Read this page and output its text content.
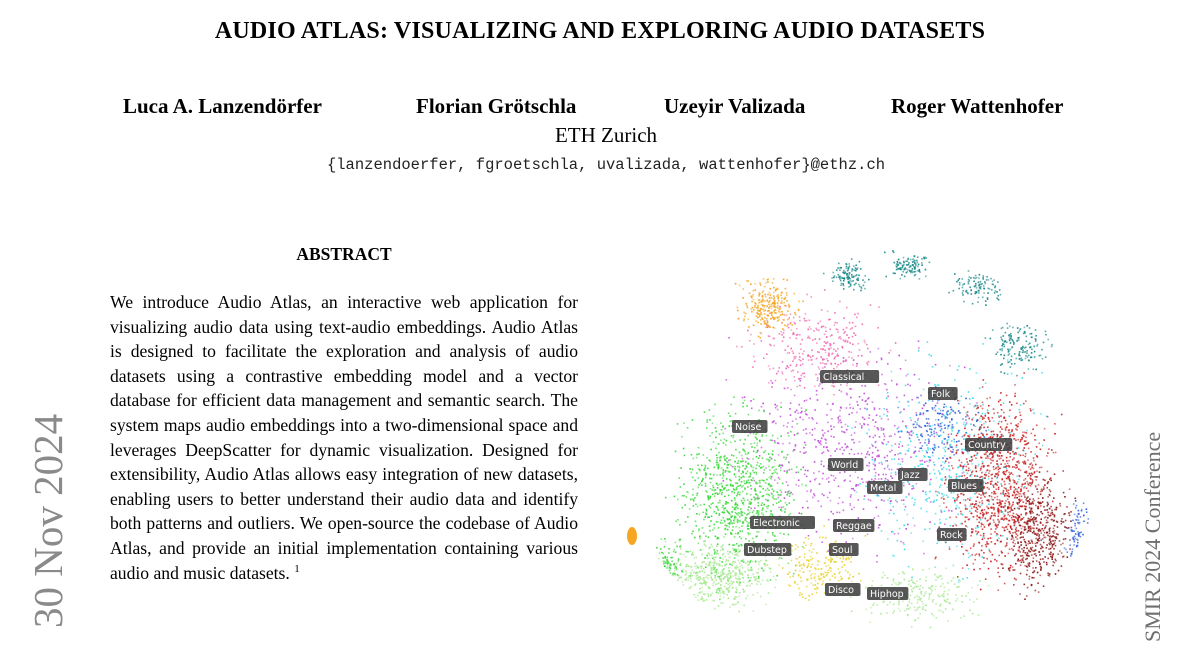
AUDIO ATLAS: VISUALIZING AND EXPLORING AUDIO DATASETS
Luca A. Lanzendörfer	Florian Grötschla	Uzeyir Valizada	Roger Wattenhofer
ETH Zurich
{lanzendoerfer, fgroetschla, uvalizada, wattenhofer}@ethz.ch
ABSTRACT
We introduce Audio Atlas, an interactive web application for visualizing audio data using text-audio embeddings. Audio Atlas is designed to facilitate the exploration and analysis of audio datasets using a contrastive embedding model and a vector database for efficient data management and semantic search. The system maps audio embeddings into a two-dimensional space and leverages DeepScatter for dynamic visualization. Designed for extensibility, Audio Atlas allows easy integration of new datasets, enabling users to better understand their audio data and identify both patterns and outliers. We open-source the codebase of Audio Atlas, and provide an initial implementation containing various audio and music datasets. $^1$
30 Nov 2024	SMIR 2024 Conference
Classical
Folk
Noise
Country
World
Jazz
Metal	Blues
Electronic	Reggae
Rock
Dubstep	Soul
Disco Hiphop
